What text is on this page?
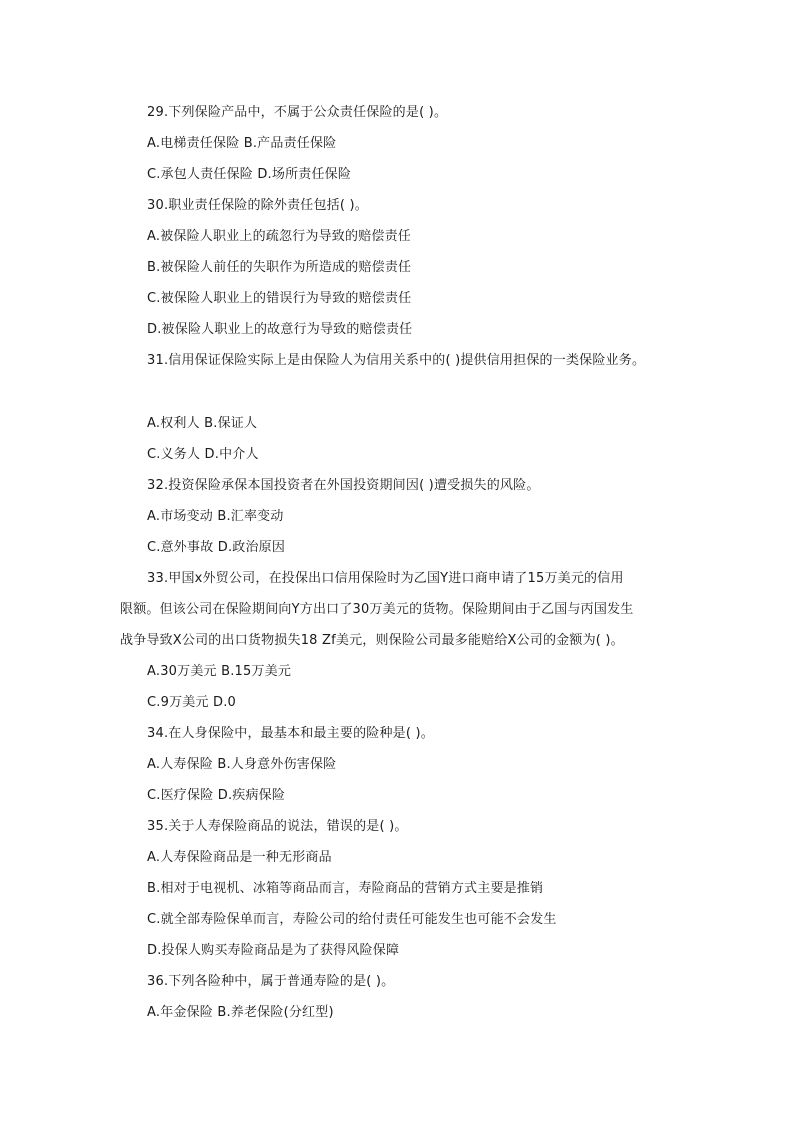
29.下列保险产品中，不属于公众责任保险的是( )。
A.电梯责任保险 B.产品责任保险
C.承包人责任保险 D.场所责任保险
30.职业责任保险的除外责任包括( )。
A.被保险人职业上的疏忽行为导致的赔偿责任
B.被保险人前任的失职作为所造成的赔偿责任
C.被保险人职业上的错误行为导致的赔偿责任
D.被保险人职业上的故意行为导致的赔偿责任
31.信用保证保险实际上是由保险人为信用关系中的( )提供信用担保的一类保险业务。
A.权利人 B.保证人
C.义务人 D.中介人
32.投资保险承保本国投资者在外国投资期间因( )遭受损失的风险。
A.市场变动 B.汇率变动
C.意外事故 D.政治原因
33.甲国x外贸公司，在投保出口信用保险时为乙国Y进口商申请了15万美元的信用
限额。但该公司在保险期间向Y方出口了30万美元的货物。保险期间由于乙国与丙国发生
战争导致X公司的出口货物损失18 Zf美元，则保险公司最多能赔给X公司的金额为( )。
A.30万美元 B.15万美元
C.9万美元 D.0
34.在人身保险中，最基本和最主要的险种是( )。
A.人寿保险 B.人身意外伤害保险
C.医疗保险 D.疾病保险
35.关于人寿保险商品的说法，错误的是( )。
A.人寿保险商品是一种无形商品
B.相对于电视机、冰箱等商品而言，寿险商品的营销方式主要是推销
C.就全部寿险保单而言，寿险公司的给付责任可能发生也可能不会发生
D.投保人购买寿险商品是为了获得风险保障
36.下列各险种中，属于普通寿险的是( )。
A.年金保险 B.养老保险(分红型)
